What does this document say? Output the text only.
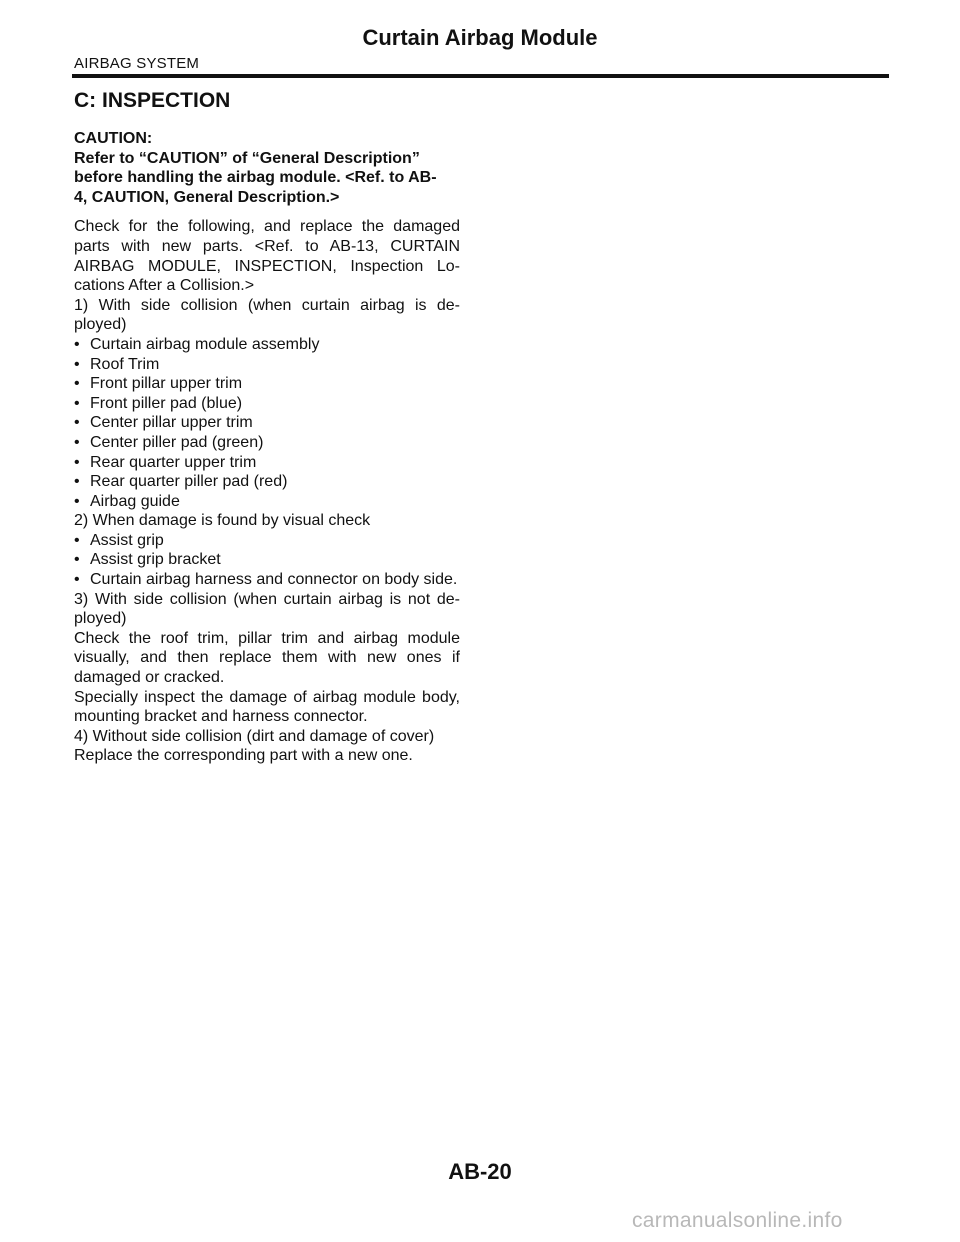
Curtain Airbag Module
AIRBAG SYSTEM
C: INSPECTION
CAUTION:
Refer to “CAUTION” of “General Description”
before handling the airbag module. <Ref. to AB-
4, CAUTION, General Description.>
Check for the following, and replace the damaged parts with new parts. <Ref. to AB-13, CURTAIN AIRBAG MODULE, INSPECTION, Inspection Lo-cations After a Collision.>
1) With side collision (when curtain airbag is de-ployed)
• Curtain airbag module assembly
• Roof Trim
• Front pillar upper trim
• Front piller pad (blue)
• Center pillar upper trim
• Center piller pad (green)
• Rear quarter upper trim
• Rear quarter piller pad (red)
• Airbag guide
2) When damage is found by visual check
• Assist grip
• Assist grip bracket
• Curtain airbag harness and connector on body side.
3) With side collision (when curtain airbag is not de-ployed)
Check the roof trim, pillar trim and airbag module visually, and then replace them with new ones if damaged or cracked.
Specially inspect the damage of airbag module body, mounting bracket and harness connector.
4) Without side collision (dirt and damage of cover)
Replace the corresponding part with a new one.
AB-20
carmanualsonline.info
